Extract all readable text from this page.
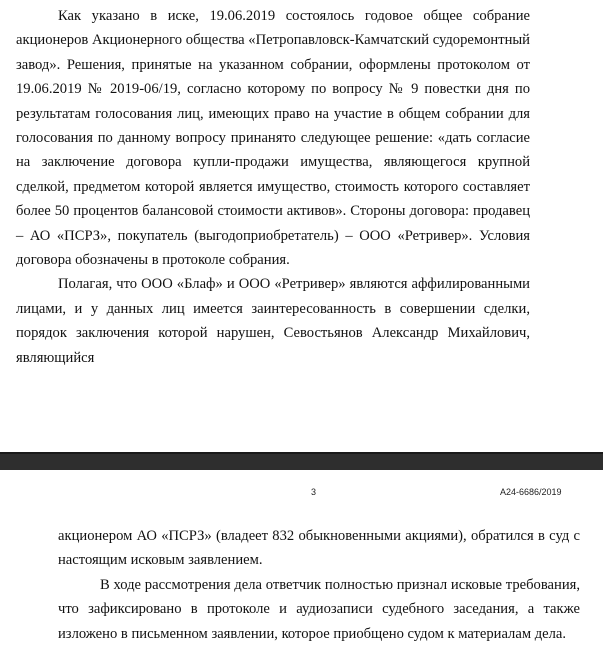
Как указано в иске, 19.06.2019 состоялось годовое общее собрание акционеров Акционерного общества «Петропавловск-Камчатский судоремонтный завод». Решения, принятые на указанном собрании, оформлены протоколом от 19.06.2019 № 2019-06/19, согласно которому по вопросу № 9 повестки дня по результатам голосования лиц, имеющих право на участие в общем собрании для голосования по данному вопросу принанято следующее решение: «дать согласие на заключение договора купли-продажи имущества, являющегося крупной сделкой, предметом которой является имущество, стоимость которого составляет более 50 процентов балансовой стоимости активов». Стороны договора: продавец – АО «ПСРЗ», покупатель (выгодоприобретатель) – ООО «Ретривер». Условия договора обозначены в протоколе собрания.

Полагая, что ООО «Блаф» и ООО «Ретривер» являются аффилированными лицами, и у данных лиц имеется заинтересованность в совершении сделки, порядок заключения которой нарушен, Севостьянов Александр Михайлович, являющийся

3	A24-6686/2019

акционером АО «ПСРЗ» (владеет 832 обыкновенными акциями), обратился в суд с настоящим исковым заявлением.

В ходе рассмотрения дела ответчик полностью признал исковые требования, что зафиксировано в протоколе и аудиозаписи судебного заседания, а также изложено в письменном заявлении, которое приобщено судом к материалам дела.
